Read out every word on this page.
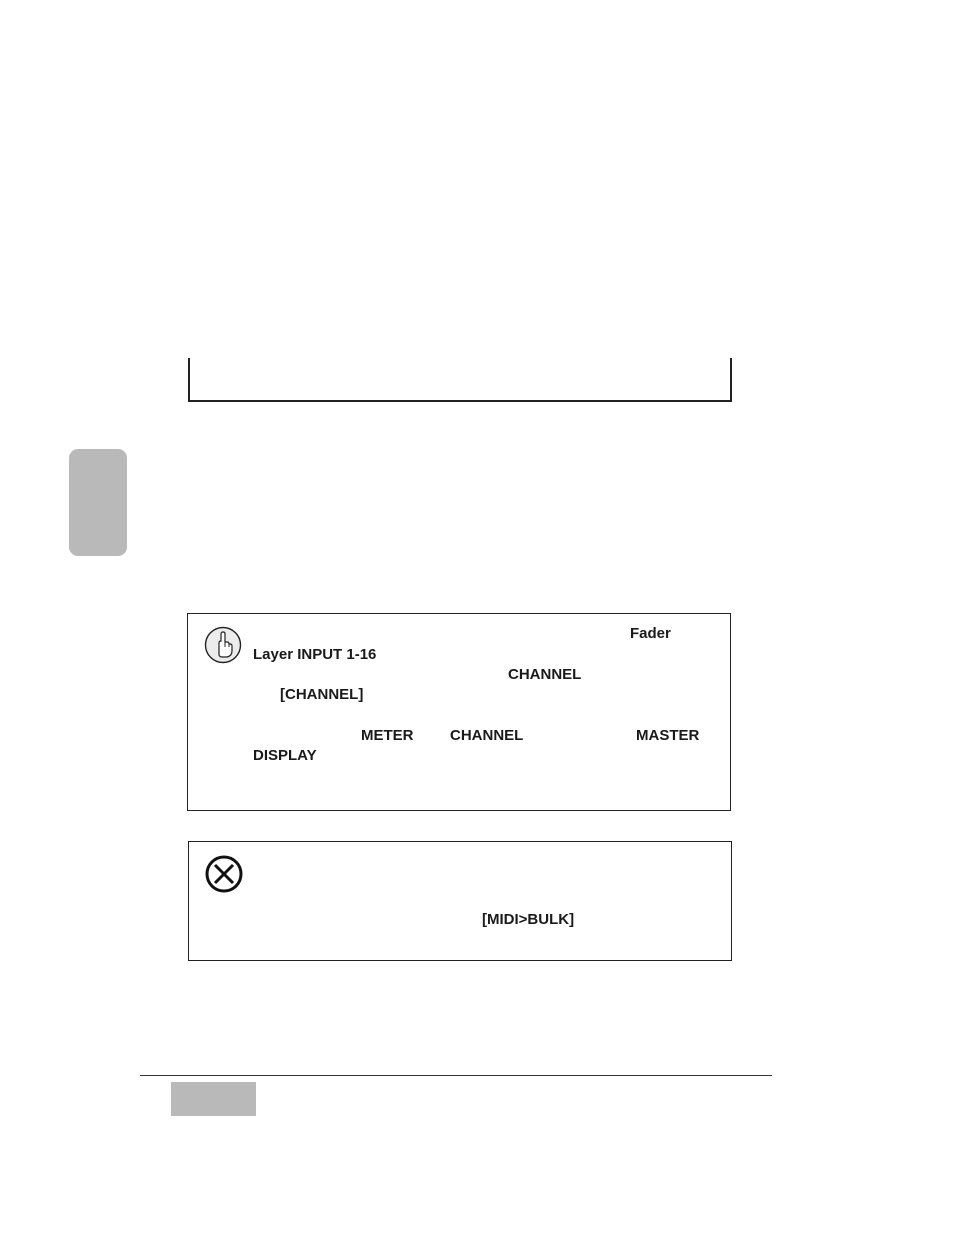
Fader
Layer INPUT 1-16
CHANNEL
[CHANNEL]
METER CHANNEL	MASTER
DISPLAY
[MIDI>BULK]
